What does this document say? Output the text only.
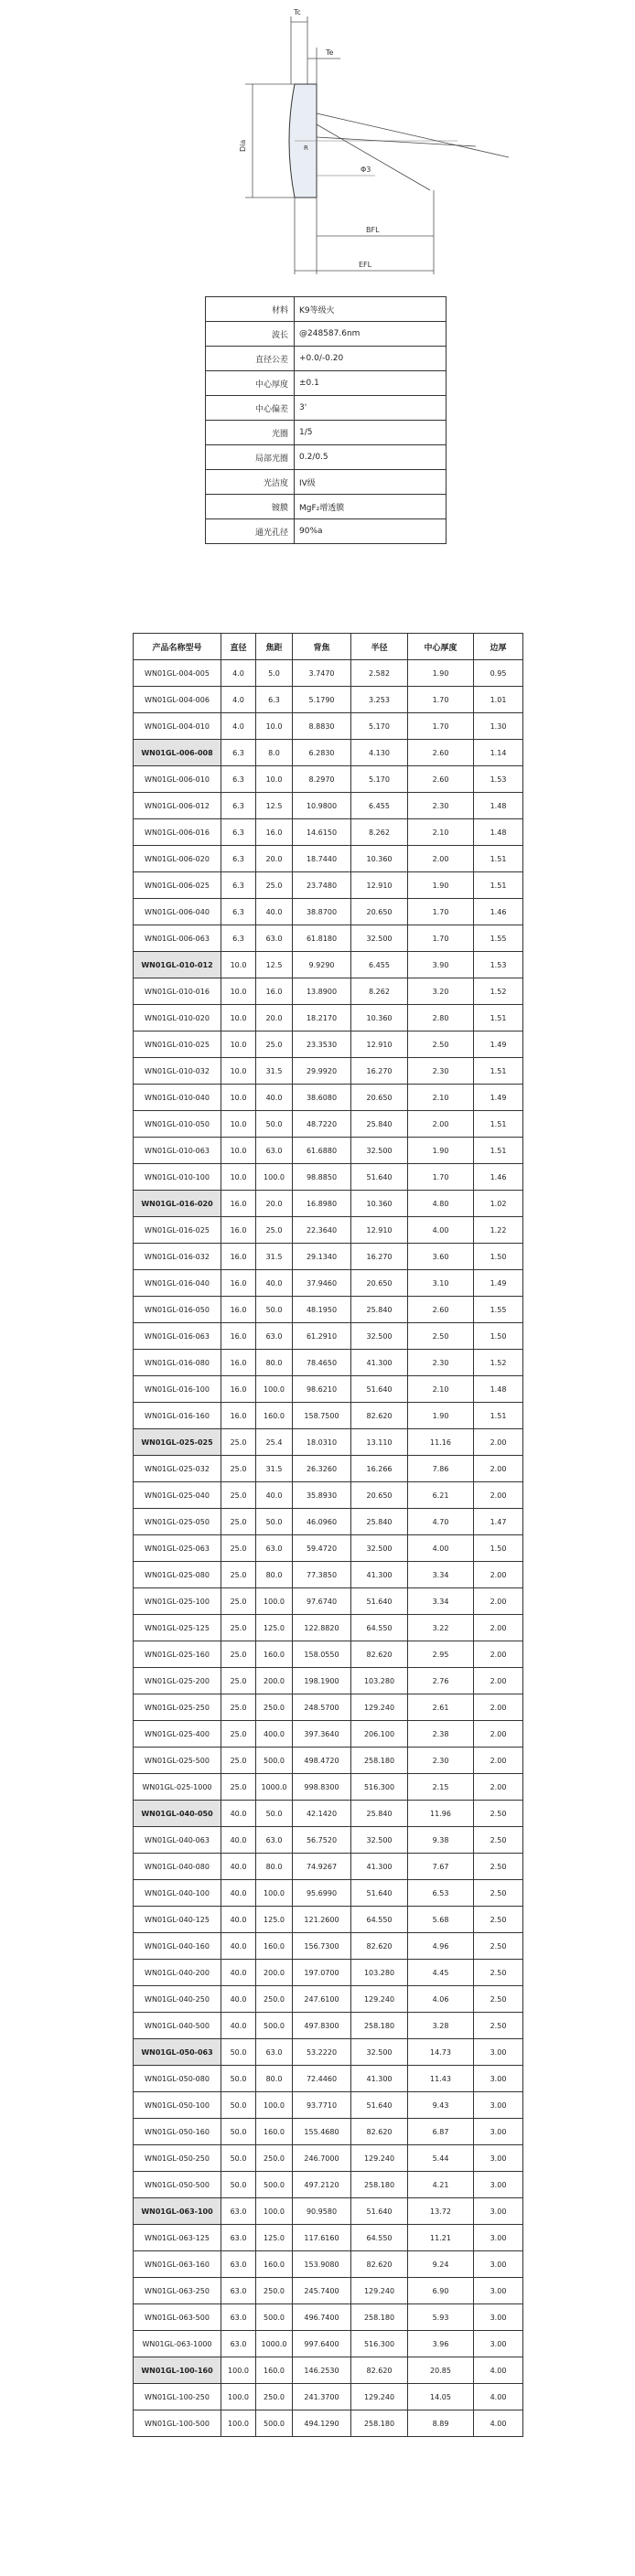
Tc
Te
Dia	R
Φ3
BFL
EFL
材料	K9等级火
波长	@248587.6nm
直径公差	+0.0/-0.20
中心厚度	±0.1
中心偏差	3'
光圈	1/5
局部光圈	0.2/0.5
光洁度	IV级
镀膜	MgF₂增透膜
通光孔径	90%a
产品名称型号	直径	焦距	背焦	半径	中心厚度	边厚
WN01GL-004-005	4.0	5.0	3.7470	2.582	1.90	0.95
WN01GL-004-006	4.0	6.3	5.1790	3.253	1.70	1.01
WN01GL-004-010	4.0	10.0	8.8830	5.170	1.70	1.30
WN01GL-006-008	6.3	8.0	6.2830	4.130	2.60	1.14
WN01GL-006-010	6.3	10.0	8.2970	5.170	2.60	1.53
WN01GL-006-012	6.3	12.5	10.9800	6.455	2.30	1.48
WN01GL-006-016	6.3	16.0	14.6150	8.262	2.10	1.48
WN01GL-006-020	6.3	20.0	18.7440	10.360	2.00	1.51
WN01GL-006-025	6.3	25.0	23.7480	12.910	1.90	1.51
WN01GL-006-040	6.3	40.0	38.8700	20.650	1.70	1.46
WN01GL-006-063	6.3	63.0	61.8180	32.500	1.70	1.55
WN01GL-010-012	10.0	12.5	9.9290	6.455	3.90	1.53
WN01GL-010-016	10.0	16.0	13.8900	8.262	3.20	1.52
WN01GL-010-020	10.0	20.0	18.2170	10.360	2.80	1.51
WN01GL-010-025	10.0	25.0	23.3530	12.910	2.50	1.49
WN01GL-010-032	10.0	31.5	29.9920	16.270	2.30	1.51
WN01GL-010-040	10.0	40.0	38.6080	20.650	2.10	1.49
WN01GL-010-050	10.0	50.0	48.7220	25.840	2.00	1.51
WN01GL-010-063	10.0	63.0	61.6880	32.500	1.90	1.51
WN01GL-010-100	10.0	100.0	98.8850	51.640	1.70	1.46
WN01GL-016-020	16.0	20.0	16.8980	10.360	4.80	1.02
WN01GL-016-025	16.0	25.0	22.3640	12.910	4.00	1.22
WN01GL-016-032	16.0	31.5	29.1340	16.270	3.60	1.50
WN01GL-016-040	16.0	40.0	37.9460	20.650	3.10	1.49
WN01GL-016-050	16.0	50.0	48.1950	25.840	2.60	1.55
WN01GL-016-063	16.0	63.0	61.2910	32.500	2.50	1.50
WN01GL-016-080	16.0	80.0	78.4650	41.300	2.30	1.52
WN01GL-016-100	16.0	100.0	98.6210	51.640	2.10	1.48
WN01GL-016-160	16.0	160.0	158.7500	82.620	1.90	1.51
WN01GL-025-025	25.0	25.4	18.0310	13.110	11.16	2.00
WN01GL-025-032	25.0	31.5	26.3260	16.266	7.86	2.00
WN01GL-025-040	25.0	40.0	35.8930	20.650	6.21	2.00
WN01GL-025-050	25.0	50.0	46.0960	25.840	4.70	1.47
WN01GL-025-063	25.0	63.0	59.4720	32.500	4.00	1.50
WN01GL-025-080	25.0	80.0	77.3850	41.300	3.34	2.00
WN01GL-025-100	25.0	100.0	97.6740	51.640	3.34	2.00
WN01GL-025-125	25.0	125.0	122.8820	64.550	3.22	2.00
WN01GL-025-160	25.0	160.0	158.0550	82.620	2.95	2.00
WN01GL-025-200	25.0	200.0	198.1900	103.280	2.76	2.00
WN01GL-025-250	25.0	250.0	248.5700	129.240	2.61	2.00
WN01GL-025-400	25.0	400.0	397.3640	206.100	2.38	2.00
WN01GL-025-500	25.0	500.0	498.4720	258.180	2.30	2.00
WN01GL-025-1000	25.0	1000.0	998.8300	516.300	2.15	2.00
WN01GL-040-050	40.0	50.0	42.1420	25.840	11.96	2.50
WN01GL-040-063	40.0	63.0	56.7520	32.500	9.38	2.50
WN01GL-040-080	40.0	80.0	74.9267	41.300	7.67	2.50
WN01GL-040-100	40.0	100.0	95.6990	51.640	6.53	2.50
WN01GL-040-125	40.0	125.0	121.2600	64.550	5.68	2.50
WN01GL-040-160	40.0	160.0	156.7300	82.620	4.96	2.50
WN01GL-040-200	40.0	200.0	197.0700	103.280	4.45	2.50
WN01GL-040-250	40.0	250.0	247.6100	129.240	4.06	2.50
WN01GL-040-500	40.0	500.0	497.8300	258.180	3.28	2.50
WN01GL-050-063	50.0	63.0	53.2220	32.500	14.73	3.00
WN01GL-050-080	50.0	80.0	72.4460	41.300	11.43	3.00
WN01GL-050-100	50.0	100.0	93.7710	51.640	9.43	3.00
WN01GL-050-160	50.0	160.0	155.4680	82.620	6.87	3.00
WN01GL-050-250	50.0	250.0	246.7000	129.240	5.44	3.00
WN01GL-050-500	50.0	500.0	497.2120	258.180	4.21	3.00
WN01GL-063-100	63.0	100.0	90.9580	51.640	13.72	3.00
WN01GL-063-125	63.0	125.0	117.6160	64.550	11.21	3.00
WN01GL-063-160	63.0	160.0	153.9080	82.620	9.24	3.00
WN01GL-063-250	63.0	250.0	245.7400	129.240	6.90	3.00
WN01GL-063-500	63.0	500.0	496.7400	258.180	5.93	3.00
WN01GL-063-1000	63.0	1000.0	997.6400	516.300	3.96	3.00
WN01GL-100-160	100.0	160.0	146.2530	82.620	20.85	4.00
WN01GL-100-250	100.0	250.0	241.3700	129.240	14.05	4.00
WN01GL-100-500	100.0	500.0	494.1290	258.180	8.89	4.00
